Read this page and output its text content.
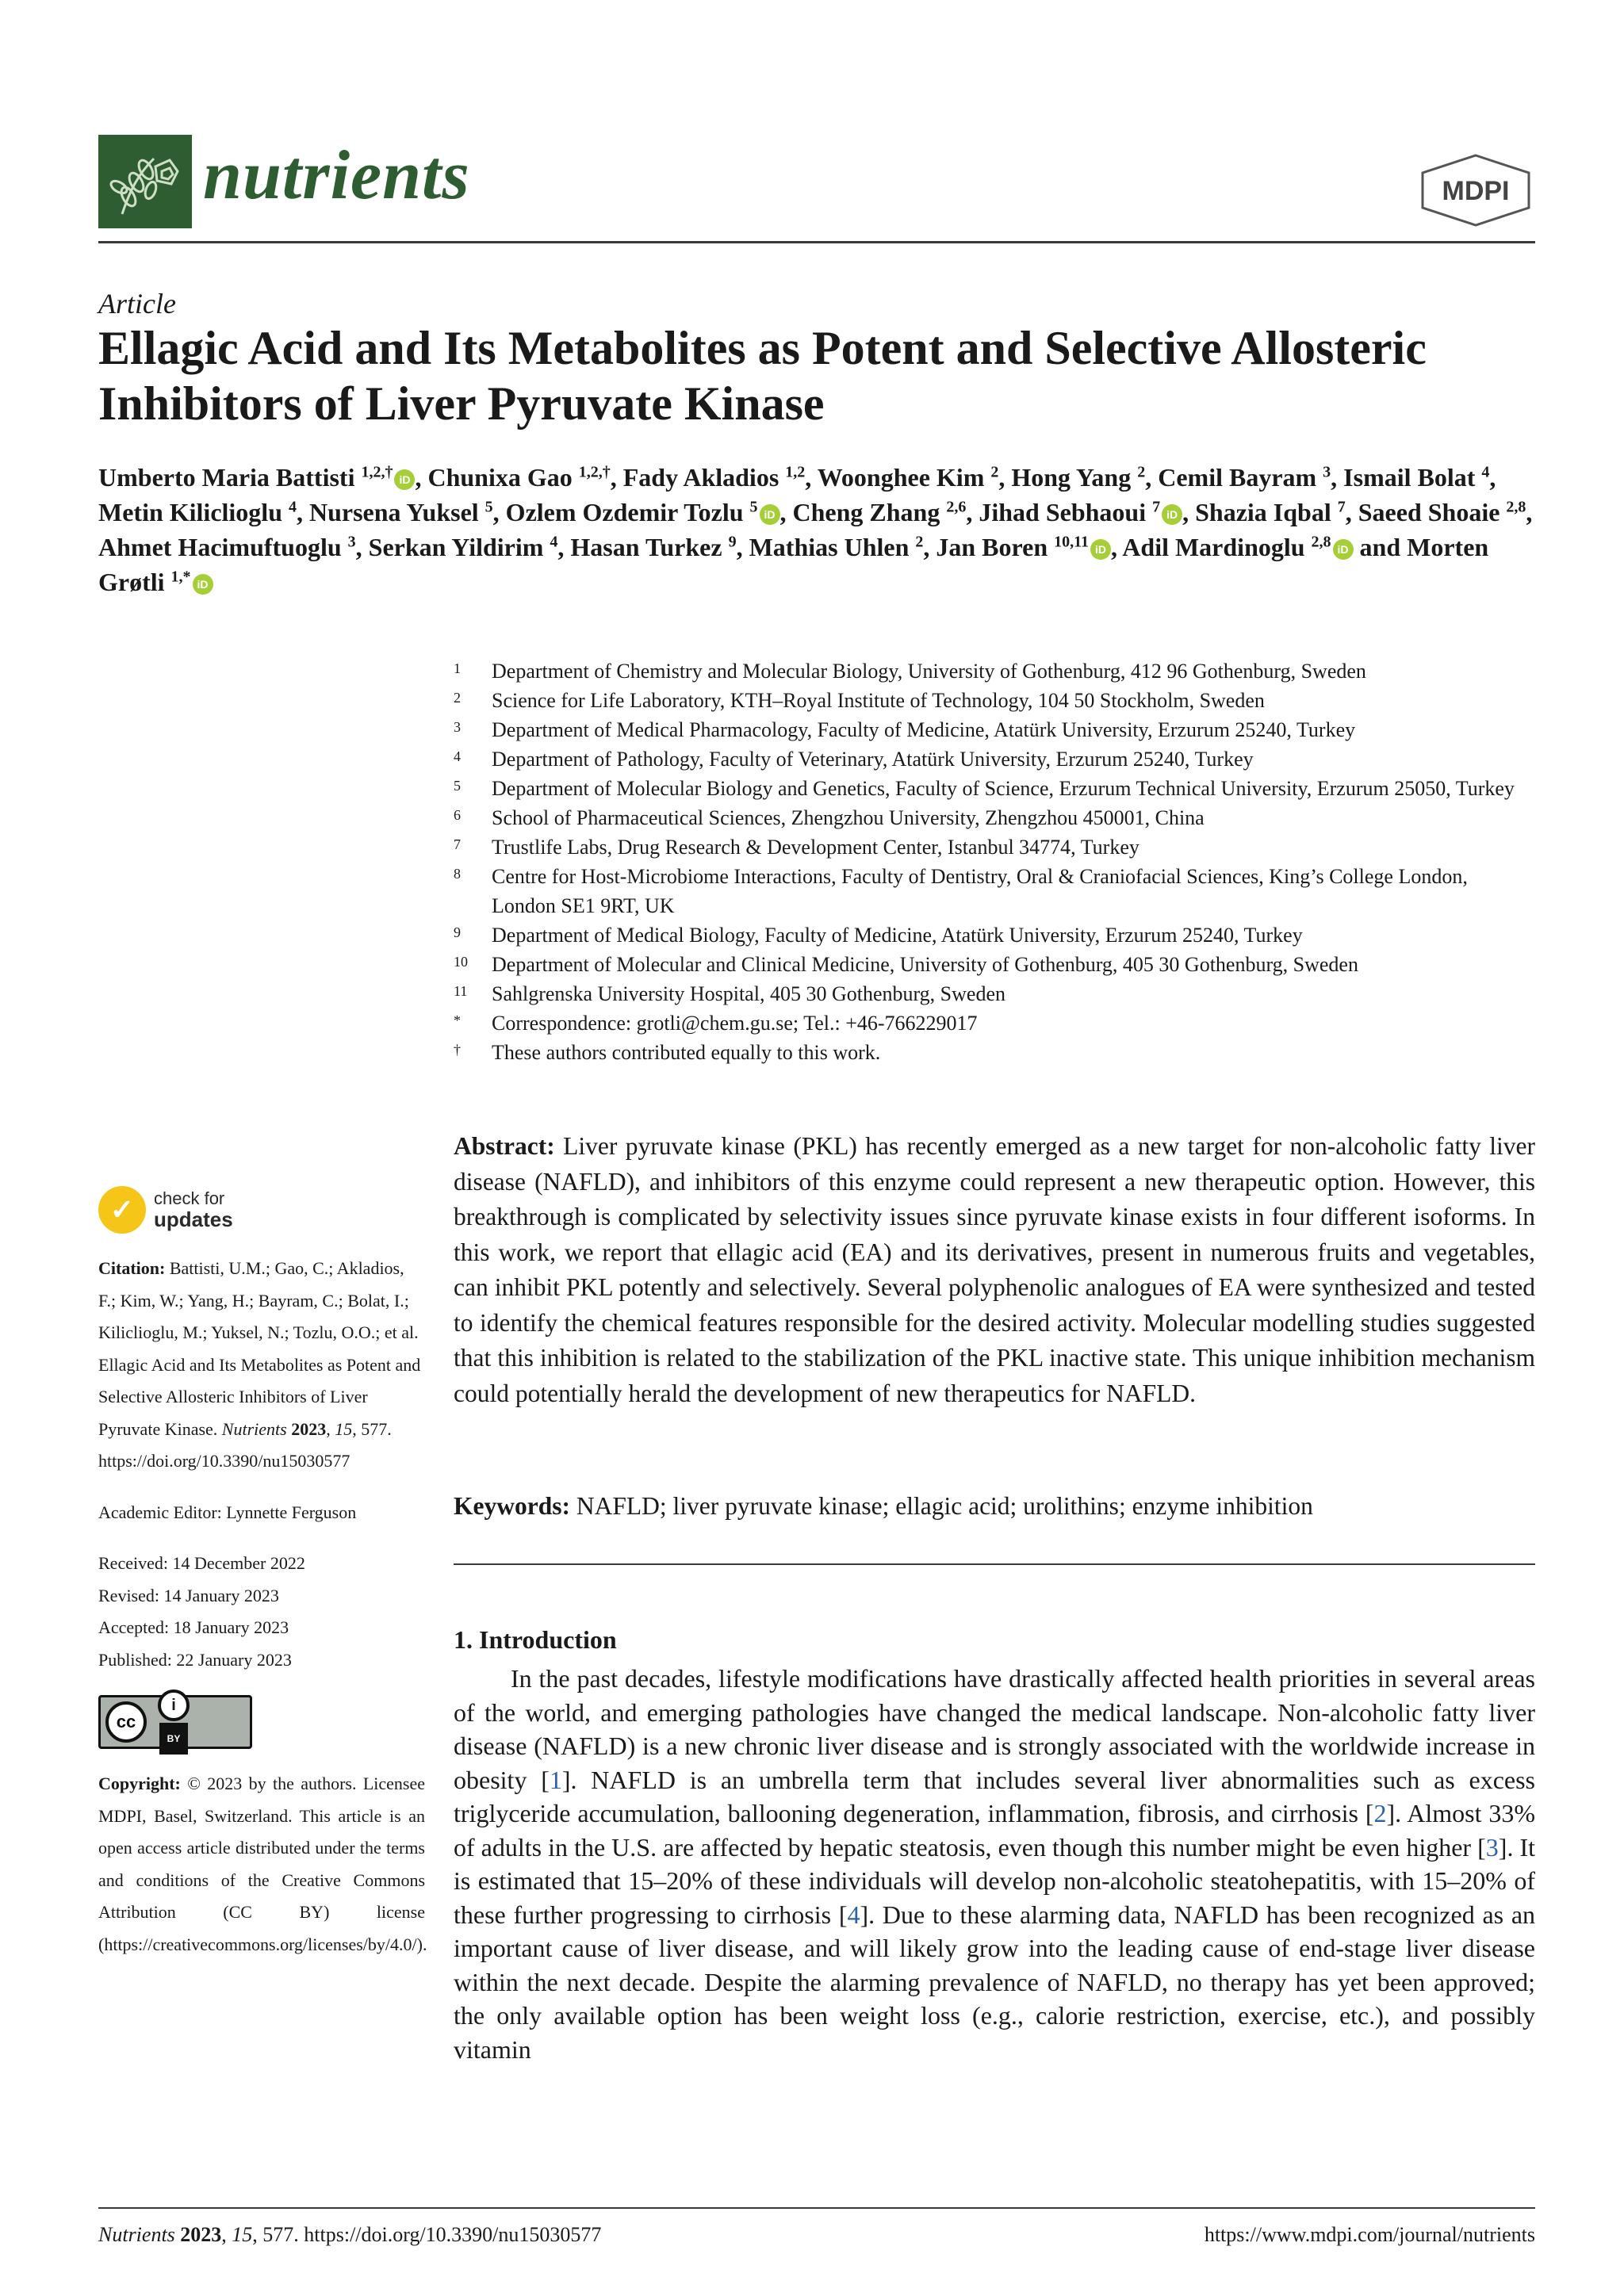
nutrients	MDPI
Article
Ellagic Acid and Its Metabolites as Potent and Selective Allosteric Inhibitors of Liver Pyruvate Kinase
Umberto Maria Battisti $^{1,2,\dagger}$ iD , Chunixa Gao $^{1,2,\dagger}$, Fady Akladios $^{1,2}$, Woonghee Kim $^2$, Hong Yang $^2$, Cemil Bayram $^3$, Ismail Bolat $^4$, Metin Kiliclioglu $^4$, Nursena Yuksel $^5$, Ozlem Ozdemir Tozlu $^5$ iD , Cheng Zhang $^{2,6}$, Jihad Sebhaoui $^7$ iD , Shazia Iqbal $^7$, Saeed Shoaie $^{2,8}$, Ahmet Hacimuftuoglu $^3$, Serkan Yildirim $^4$, Hasan Turkez $^9$, Mathias Uhlen $^2$, Jan Boren $^{10,11}$ iD , Adil Mardinoglu $^{2,8}$ iD and Morten Grøtli $^{1,*}$ iD
1	Department of Chemistry and Molecular Biology, University of Gothenburg, 412 96 Gothenburg, Sweden
2	Science for Life Laboratory, KTH–Royal Institute of Technology, 104 50 Stockholm, Sweden
3	Department of Medical Pharmacology, Faculty of Medicine, Atatürk University, Erzurum 25240, Turkey
4	Department of Pathology, Faculty of Veterinary, Atatürk University, Erzurum 25240, Turkey
5	Department of Molecular Biology and Genetics, Faculty of Science, Erzurum Technical University, Erzurum 25050, Turkey
6	School of Pharmaceutical Sciences, Zhengzhou University, Zhengzhou 450001, China
7	Trustlife Labs, Drug Research & Development Center, Istanbul 34774, Turkey
8	Centre for Host-Microbiome Interactions, Faculty of Dentistry, Oral & Craniofacial Sciences, King’s College London, London SE1 9RT, UK
9	Department of Medical Biology, Faculty of Medicine, Atatürk University, Erzurum 25240, Turkey
10	Department of Molecular and Clinical Medicine, University of Gothenburg, 405 30 Gothenburg, Sweden
11	Sahlgrenska University Hospital, 405 30 Gothenburg, Sweden
*	Correspondence: grotli@chem.gu.se; Tel.: +46-766229017
†	These authors contributed equally to this work.
✓	check for
updates

Citation: Battisti, U.M.; Gao, C.; Akladios, F.; Kim, W.; Yang, H.; Bayram, C.; Bolat, I.; Kiliclioglu, M.; Yuksel, N.; Tozlu, O.O.; et al. Ellagic Acid and Its Metabolites as Potent and Selective Allosteric Inhibitors of Liver Pyruvate Kinase. Nutrients 2023, 15, 577. https://doi.org/10.3390/nu15030577

Academic Editor: Lynnette Ferguson

Received: 14 December 2022

Revised: 14 January 2023

Accepted: 18 January 2023

Published: 22 January 2023

cc
i
BY

Copyright: © 2023 by the authors. Licensee MDPI, Basel, Switzerland. This article is an open access article distributed under the terms and conditions of the Creative Commons Attribution (CC BY) license (https://creativecommons.org/licenses/by/4.0/).

Abstract: Liver pyruvate kinase (PKL) has recently emerged as a new target for non-alcoholic fatty liver disease (NAFLD), and inhibitors of this enzyme could represent a new therapeutic option. However, this breakthrough is complicated by selectivity issues since pyruvate kinase exists in four different isoforms. In this work, we report that ellagic acid (EA) and its derivatives, present in numerous fruits and vegetables, can inhibit PKL potently and selectively. Several polyphenolic analogues of EA were synthesized and tested to identify the chemical features responsible for the desired activity. Molecular modelling studies suggested that this inhibition is related to the stabilization of the PKL inactive state. This unique inhibition mechanism could potentially herald the development of new therapeutics for NAFLD.

Keywords: NAFLD; liver pyruvate kinase; ellagic acid; urolithins; enzyme inhibition

1. Introduction

In the past decades, lifestyle modifications have drastically affected health priorities in several areas of the world, and emerging pathologies have changed the medical landscape. Non-alcoholic fatty liver disease (NAFLD) is a new chronic liver disease and is strongly associated with the worldwide increase in obesity [1]. NAFLD is an umbrella term that includes several liver abnormalities such as excess triglyceride accumulation, ballooning degeneration, inflammation, fibrosis, and cirrhosis [2]. Almost 33% of adults in the U.S. are affected by hepatic steatosis, even though this number might be even higher [3]. It is estimated that 15–20% of these individuals will develop non-alcoholic steatohepatitis, with 15–20% of these further progressing to cirrhosis [4]. Due to these alarming data, NAFLD has been recognized as an important cause of liver disease, and will likely grow into the leading cause of end-stage liver disease within the next decade. Despite the alarming prevalence of NAFLD, no therapy has yet been approved; the only available option has been weight loss (e.g., calorie restriction, exercise, etc.), and possibly vitamin

Nutrients 2023, 15, 577. https://doi.org/10.3390/nu15030577	https://www.mdpi.com/journal/nutrients
